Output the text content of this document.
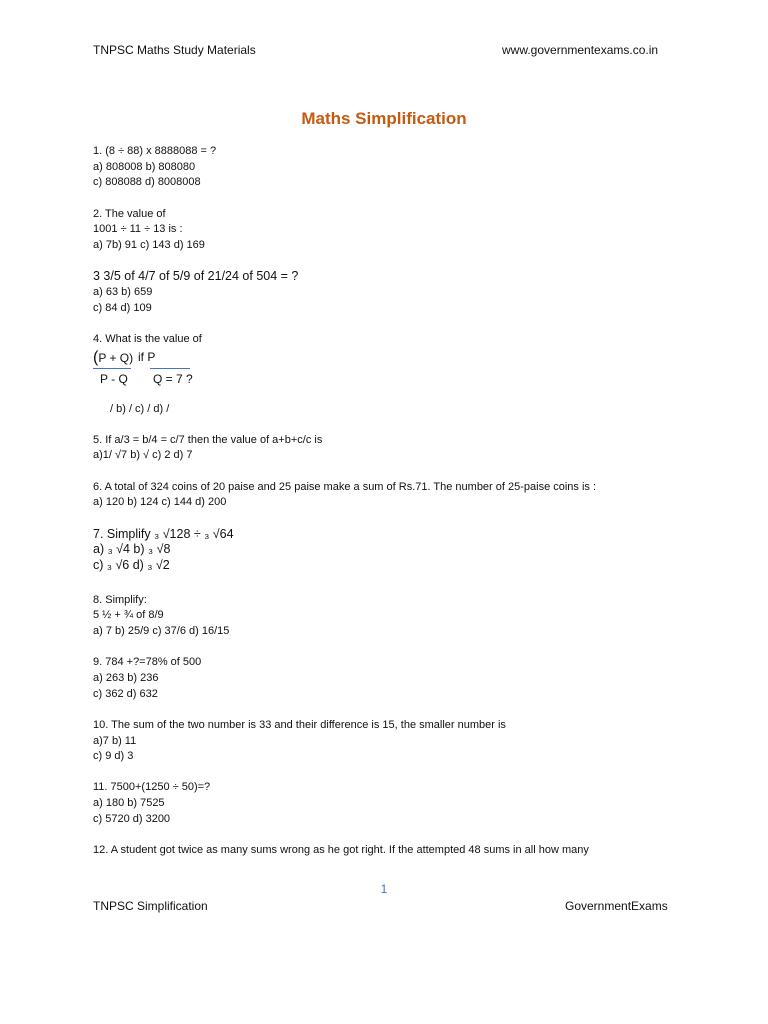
TNPSC Maths Study Materials	www.governmentexams.co.in
Maths Simplification
1. (8 ÷ 88) x 8888088 = ?
a) 808008 b) 808080
c) 808088 d) 8008008
2. The value of
1001 ÷ 11 ÷ 13 is :
a) 7b) 91 c) 143 d) 169
3 3/5 of 4/7 of 5/9 of 21/24 of 504 = ?
a) 63 b) 659
c) 84 d) 109
4. What is the value of
(P + Q) if P
P - Q Q = 7 ?
/ b) / c) / d) /
5. If a/3 = b/4 = c/7 then the value of a+b+c/c is
a)1/ √7 b) √ c) 2 d) 7
6. A total of 324 coins of 20 paise and 25 paise make a sum of Rs.71. The number of 25-paise coins is :
a) 120 b) 124 c) 144 d) 200
7. Simplify ₃ √128 ÷ ₃ √64
a) ₃ √4 b) ₃ √8
c) ₃ √6 d) ₃ √2
8. Simplify:
5 ½ + ¾ of 8/9
a) 7 b) 25/9 c) 37/6 d) 16/15
9. 784 +?=78% of 500
a) 263 b) 236
c) 362 d) 632
10. The sum of the two number is 33 and their difference is 15, the smaller number is
a)7 b) 11
c) 9 d) 3
11. 7500+(1250 ÷ 50)=?
a) 180 b) 7525
c) 5720 d) 3200
12. A student got twice as many sums wrong as he got right. If the attempted 48 sums in all how many
1
TNPSC Simplification	GovernmentExams
